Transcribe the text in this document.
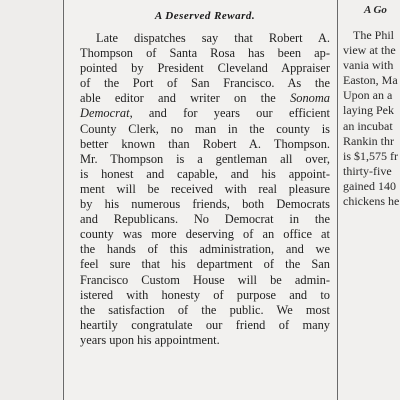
A Deserved Reward.
Late dispatches say that Robert A.
Thompson of Santa Rosa has been ap-
pointed by President Cleveland Appraiser
of the Port of San Francisco. As the
able editor and writer on the Sonoma
Democrat, and for years our efficient
County Clerk, no man in the county is
better known than Robert A. Thompson.
Mr. Thompson is a gentleman all over,
is honest and capable, and his appoint-
ment will be received with real pleasure
by his numerous friends, both Democrats
and Republicans. No Democrat in the
county was more deserving of an office at
the hands of this administration, and we
feel sure that his department of the San
Francisco Custom House will be admin-
istered with honesty of purpose and to
the satisfaction of the public. We most
heartily congratulate our friend of many
years upon his appointment.
A Go
The Phil
view at the
vania with
Easton, Ma
Upon an a
laying Pek
an incubat
Rankin thr
is $1,575 fr
thirty-five
gained 140
chickens he
